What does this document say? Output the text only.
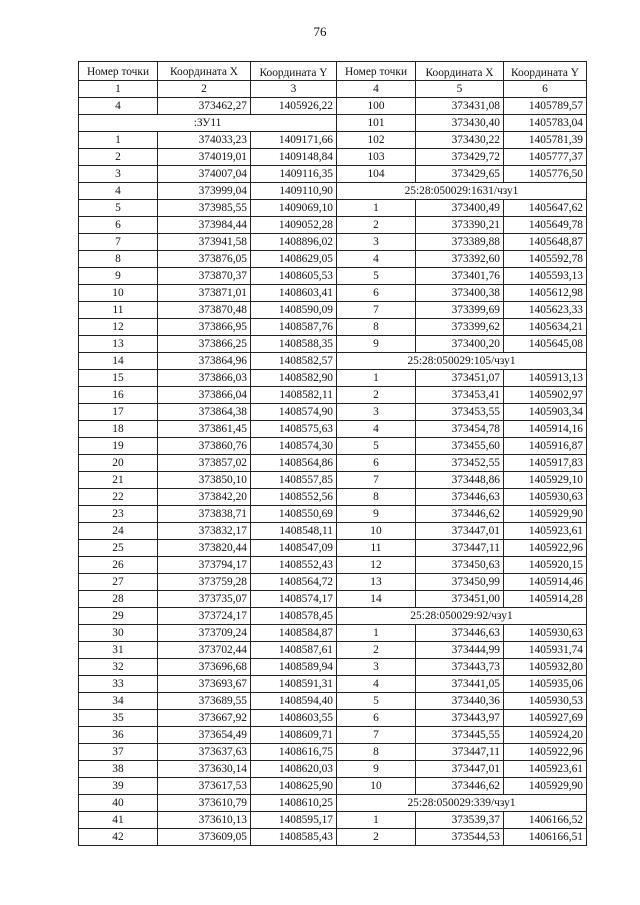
76
Номер точки	Координата X	Координата Y	Номер точки	Координата X	Координата Y
1	2	3	4	5	6
4	373462,27	1405926,22	100	373431,08	1405789,57
:ЗУ11			101	373430,40	1405783,04
1	374033,23	1409171,66	102	373430,22	1405781,39
2	374019,01	1409148,84	103	373429,72	1405777,37
3	374007,04	1409116,35	104	373429,65	1405776,50
4	373999,04	1409110,90	25:28:050029:1631/чзу1		
5	373985,55	1409069,10	1	373400,49	1405647,62
6	373984,44	1409052,28	2	373390,21	1405649,78
7	373941,58	1408896,02	3	373389,88	1405648,87
8	373876,05	1408629,05	4	373392,60	1405592,78
9	373870,37	1408605,53	5	373401,76	1405593,13
10	373871,01	1408603,41	6	373400,38	1405612,98
11	373870,48	1408590,09	7	373399,69	1405623,33
12	373866,95	1408587,76	8	373399,62	1405634,21
13	373866,25	1408588,35	9	373400,20	1405645,08
14	373864,96	1408582,57	25:28:050029:105/чзу1		
15	373866,03	1408582,90	1	373451,07	1405913,13
16	373866,04	1408582,11	2	373453,41	1405902,97
17	373864,38	1408574,90	3	373453,55	1405903,34
18	373861,45	1408575,63	4	373454,78	1405914,16
19	373860,76	1408574,30	5	373455,60	1405916,87
20	373857,02	1408564,86	6	373452,55	1405917,83
21	373850,10	1408557,85	7	373448,86	1405929,10
22	373842,20	1408552,56	8	373446,63	1405930,63
23	373838,71	1408550,69	9	373446,62	1405929,90
24	373832,17	1408548,11	10	373447,01	1405923,61
25	373820,44	1408547,09	11	373447,11	1405922,96
26	373794,17	1408552,43	12	373450,63	1405920,15
27	373759,28	1408564,72	13	373450,99	1405914,46
28	373735,07	1408574,17	14	373451,00	1405914,28
29	373724,17	1408578,45	25:28:050029:92/чзу1		
30	373709,24	1408584,87	1	373446,63	1405930,63
31	373702,44	1408587,61	2	373444,99	1405931,74
32	373696,68	1408589,94	3	373443,73	1405932,80
33	373693,67	1408591,31	4	373441,05	1405935,06
34	373689,55	1408594,40	5	373440,36	1405930,53
35	373667,92	1408603,55	6	373443,97	1405927,69
36	373654,49	1408609,71	7	373445,55	1405924,20
37	373637,63	1408616,75	8	373447,11	1405922,96
38	373630,14	1408620,03	9	373447,01	1405923,61
39	373617,53	1408625,90	10	373446,62	1405929,90
40	373610,79	1408610,25	25:28:050029:339/чзу1		
41	373610,13	1408595,17	1	373539,37	1406166,52
42	373609,05	1408585,43	2	373544,53	1406166,51
